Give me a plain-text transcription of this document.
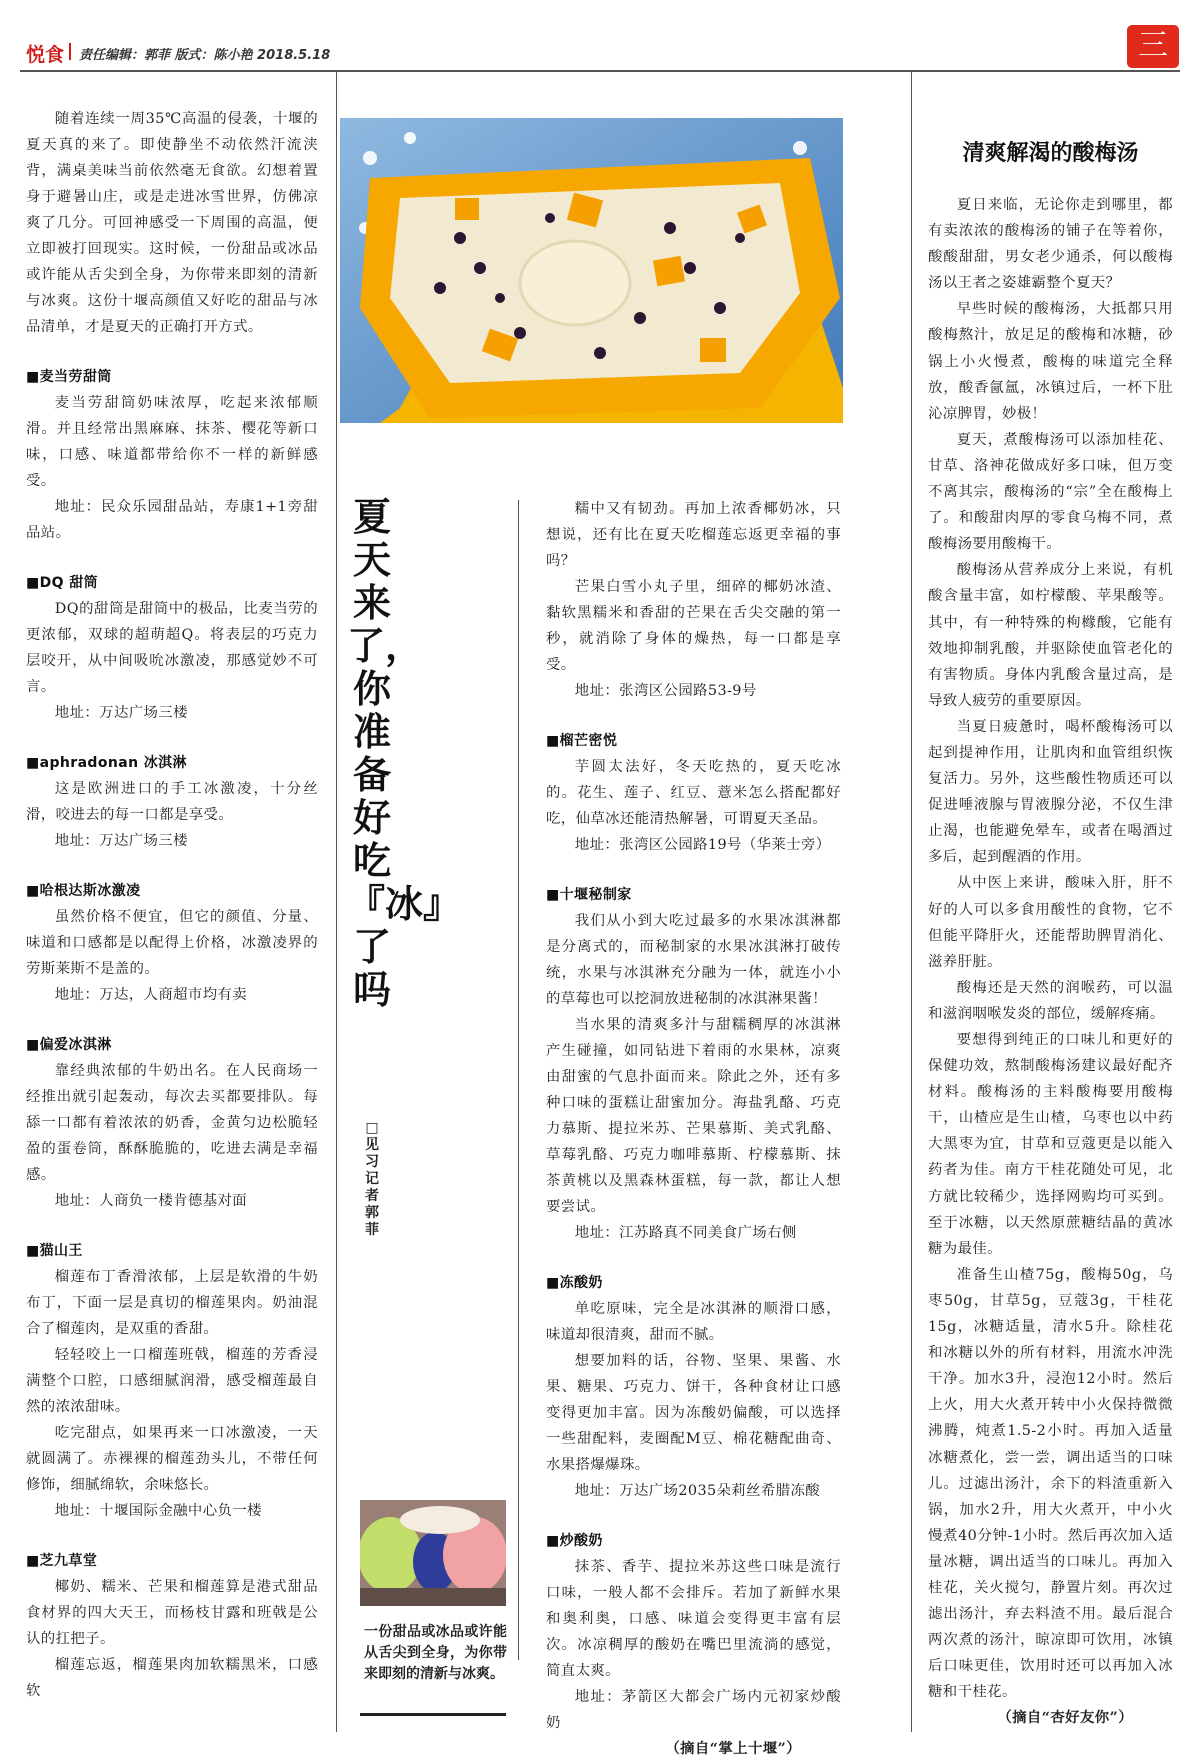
悦食 责任编辑：郭菲 版式：陈小艳 2018.5.18	三

随着连续一周35℃高温的侵袭，十堰的夏天真的来了。即使静坐不动依然汗流浃背，满桌美味当前依然毫无食欲。幻想着置身于避暑山庄，或是走进冰雪世界，仿佛凉爽了几分。可回神感受一下周围的高温，便立即被打回现实。这时候，一份甜品或冰品或许能从舌尖到全身，为你带来即刻的清新与冰爽。这份十堰高颜值又好吃的甜品与冰品清单，才是夏天的正确打开方式。

■麦当劳甜筒

麦当劳甜筒奶味浓厚，吃起来浓郁顺滑。并且经常出黑麻麻、抹茶、樱花等新口味，口感、味道都带给你不一样的新鲜感受。

地址：民众乐园甜品站，寿康1+1旁甜品站。

■DQ 甜筒

DQ的甜筒是甜筒中的极品，比麦当劳的更浓郁，双球的超萌超Q。将表层的巧克力层咬开，从中间吸吮冰激凌，那感觉妙不可言。

地址：万达广场三楼

■aphradonan 冰淇淋

这是欧洲进口的手工冰激凌，十分丝滑，咬进去的每一口都是享受。

地址：万达广场三楼

■哈根达斯冰激凌

虽然价格不便宜，但它的颜值、分量、味道和口感都是以配得上价格，冰激凌界的劳斯莱斯不是盖的。

地址：万达，人商超市均有卖

■偏爱冰淇淋

靠经典浓郁的牛奶出名。在人民商场一经推出就引起轰动，每次去买都要排队。每舔一口都有着浓浓的奶香，金黄匀边松脆轻盈的蛋卷筒，酥酥脆脆的，吃进去满是幸福感。

地址：人商负一楼肯德基对面

■猫山王

榴莲布丁香滑浓郁，上层是软滑的牛奶布丁，下面一层是真切的榴莲果肉。奶油混合了榴莲肉，是双重的香甜。

轻轻咬上一口榴莲班戟，榴莲的芳香浸满整个口腔，口感细腻润滑，感受榴莲最自然的浓浓甜味。

吃完甜点，如果再来一口冰激凌，一天就圆满了。赤裸裸的榴莲劲头儿，不带任何修饰，细腻绵软，余味悠长。

地址：十堰国际金融中心负一楼

■芝九草堂

椰奶、糯米、芒果和榴莲算是港式甜品食材界的四大天王，而杨枝甘露和班戟是公认的扛把子。

榴莲忘返，榴莲果肉加软糯黑米，口感软

夏天来了，你准备好吃『冰』了吗
□见习记者 郭菲
一份甜品或冰品或许能从舌尖到全身，为你带来即刻的清新与冰爽。

糯中又有韧劲。再加上浓香椰奶冰，只想说，还有比在夏天吃榴莲忘返更幸福的事吗？

芒果白雪小丸子里，细碎的椰奶冰渣、黏软黑糯米和香甜的芒果在舌尖交融的第一秒，就消除了身体的燥热，每一口都是享受。

地址：张湾区公园路53-9号

■榴芒密悦

芋圆太法好，冬天吃热的，夏天吃冰的。花生、莲子、红豆、薏米怎么搭配都好吃，仙草冰还能清热解暑，可谓夏天圣品。

地址：张湾区公园路19号（华莱士旁）

■十堰秘制家

我们从小到大吃过最多的水果冰淇淋都是分离式的，而秘制家的水果冰淇淋打破传统，水果与冰淇淋充分融为一体，就连小小的草莓也可以挖洞放进秘制的冰淇淋果酱！

当水果的清爽多汁与甜糯稠厚的冰淇淋产生碰撞，如同钻进下着雨的水果林，凉爽由甜蜜的气息扑面而来。除此之外，还有多种口味的蛋糕让甜蜜加分。海盐乳酪、巧克力慕斯、提拉米苏、芒果慕斯、美式乳酪、草莓乳酪、巧克力咖啡慕斯、柠檬慕斯、抹茶黄桃以及黑森林蛋糕，每一款，都让人想要尝试。

地址：江苏路真不同美食广场右侧

■冻酸奶

单吃原味，完全是冰淇淋的顺滑口感，味道却很清爽，甜而不腻。

想要加料的话，谷物、坚果、果酱、水果、糖果、巧克力、饼干，各种食材让口感变得更加丰富。因为冻酸奶偏酸，可以选择一些甜配料，麦圈配M豆、棉花糖配曲奇、水果搭爆爆珠。

地址：万达广场2035朵莉丝希腊冻酸

■炒酸奶

抹茶、香芋、提拉米苏这些口味是流行口味，一般人都不会排斥。若加了新鲜水果和奥利奥，口感、味道会变得更丰富有层次。冰凉稠厚的酸奶在嘴巴里流淌的感觉，简直太爽。

地址：茅箭区大都会广场内元初家炒酸奶

（摘自“掌上十堰”）

清爽解渴的酸梅汤

夏日来临，无论你走到哪里，都有卖浓浓的酸梅汤的铺子在等着你，酸酸甜甜，男女老少通杀，何以酸梅汤以王者之姿雄霸整个夏天？

早些时候的酸梅汤，大抵都只用酸梅熬汁，放足足的酸梅和冰糖，砂锅上小火慢煮，酸梅的味道完全释放，酸香氤氲，冰镇过后，一杯下肚沁凉脾胃，妙极！

夏天，煮酸梅汤可以添加桂花、甘草、洛神花做成好多口味，但万变不离其宗，酸梅汤的“宗”全在酸梅上了。和酸甜肉厚的零食乌梅不同，煮酸梅汤要用酸梅干。

酸梅汤从营养成分上来说，有机酸含量丰富，如柠檬酸、苹果酸等。其中，有一种特殊的枸橼酸，它能有效地抑制乳酸，并驱除使血管老化的有害物质。身体内乳酸含量过高，是导致人疲劳的重要原因。

当夏日疲惫时，喝杯酸梅汤可以起到提神作用，让肌肉和血管组织恢复活力。另外，这些酸性物质还可以促进唾液腺与胃液腺分泌，不仅生津止渴，也能避免晕车，或者在喝酒过多后，起到醒酒的作用。

从中医上来讲，酸味入肝，肝不好的人可以多食用酸性的食物，它不但能平降肝火，还能帮助脾胃消化、滋养肝脏。

酸梅还是天然的润喉药，可以温和滋润咽喉发炎的部位，缓解疼痛。

要想得到纯正的口味儿和更好的保健功效，熬制酸梅汤建议最好配齐材料。酸梅汤的主料酸梅要用酸梅干，山楂应是生山楂，乌枣也以中药大黑枣为宜，甘草和豆蔻更是以能入药者为佳。南方干桂花随处可见，北方就比较稀少，选择网购均可买到。至于冰糖，以天然原蔗糖结晶的黄冰糖为最佳。

准备生山楂75g，酸梅50g，乌枣50g，甘草5g，豆蔻3g，干桂花15g，冰糖适量，清水5升。除桂花和冰糖以外的所有材料，用流水冲洗干净。加水3升，浸泡12小时。然后上火，用大火煮开转中小火保持微微沸腾，炖煮1.5-2小时。再加入适量冰糖煮化，尝一尝，调出适当的口味儿。过滤出汤汁，余下的料渣重新入锅，加水2升，用大火煮开，中小火慢煮40分钟-1小时。然后再次加入适量冰糖，调出适当的口味儿。再加入桂花，关火搅匀，静置片刻。再次过滤出汤汁，弃去料渣不用。最后混合两次煮的汤汁，晾凉即可饮用，冰镇后口味更佳，饮用时还可以再加入冰糖和干桂花。

（摘自“杏好友你”）
